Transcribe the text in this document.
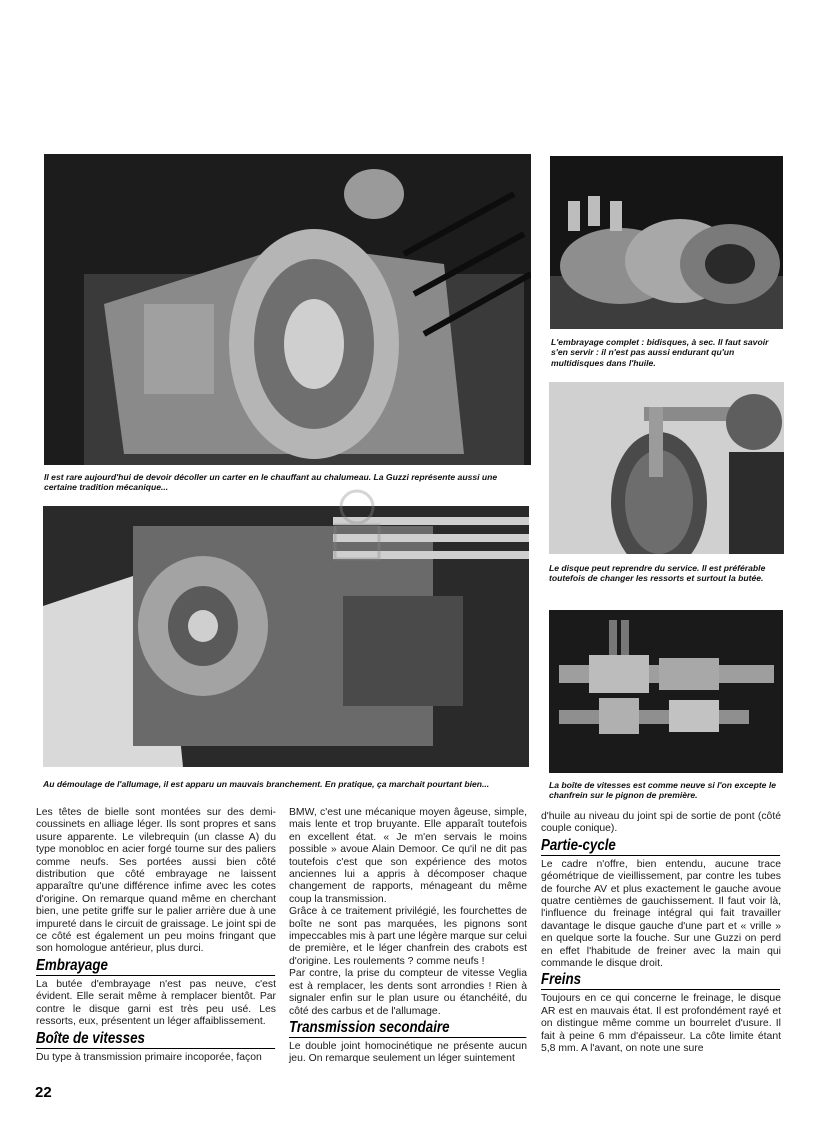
Il est rare aujourd'hui de devoir décoller un carter en le chauffant au chalumeau. La Guzzi représente aussi une certaine tradition mécanique...
L'embrayage complet : bidisques, à sec. Il faut savoir s'en servir : il n'est pas aussi endurant qu'un multidisques dans l'huile.
Le disque peut reprendre du service. Il est préférable toutefois de changer les ressorts et surtout la butée.
Au démoulage de l'allumage, il est apparu un mauvais branchement. En pratique, ça marchait pourtant bien...	La boîte de vitesses est comme neuve si l'on excepte le chanfrein sur le pignon de première.

Les têtes de bielle sont montées sur des demi-coussinets en alliage léger. Ils sont propres et sans usure apparente. Le vilebrequin (un classe A) du type monobloc en acier forgé tourne sur des paliers comme neufs. Ses portées aussi bien côté distribution que côté embrayage ne laissent apparaître qu'une différence infime avec les cotes d'origine. On remarque quand même en cherchant bien, une petite griffe sur le palier arrière due à une impureté dans le circuit de graissage. Le joint spi de ce côté est également un peu moins fringant que son homologue antérieur, plus durci.

Embrayage

La butée d'embrayage n'est pas neuve, c'est évident. Elle serait même à remplacer bientôt. Par contre le disque garni est très peu usé. Les ressorts, eux, présentent un léger affaiblissement.

Boîte de vitesses

Du type à transmission primaire incoporée, façon

BMW, c'est une mécanique moyen âgeuse, simple, mais lente et trop bruyante. Elle apparaît toutefois en excellent état. « Je m'en servais le moins possible » avoue Alain Demoor. Ce qu'il ne dit pas toutefois c'est que son expérience des motos anciennes lui a appris à décomposer chaque changement de rapports, ménageant du même coup la transmission.

Grâce à ce traitement privilégié, les fourchettes de boîte ne sont pas marquées, les pignons sont impeccables mis à part une légère marque sur celui de première, et le léger chanfrein des crabots est d'origine. Les roulements ? comme neufs !

Par contre, la prise du compteur de vitesse Veglia est à remplacer, les dents sont arrondies ! Rien à signaler enfin sur le plan usure ou étanchéité, du côté des carbus et de l'allumage.

Transmission secondaire

Le double joint homocinétique ne présente aucun jeu. On remarque seulement un léger suintement

d'huile au niveau du joint spi de sortie de pont (côté couple conique).

Partie-cycle

Le cadre n'offre, bien entendu, aucune trace géométrique de vieillissement, par contre les tubes de fourche AV et plus exactement le gauche avoue quatre centièmes de gauchissement. Il faut voir là, l'influence du freinage intégral qui fait travailler davantage le disque gauche d'une part et « vrille » en quelque sorte la fouche. Sur une Guzzi on perd en effet l'habitude de freiner avec la main qui commande le disque droit.

Freins

Toujours en ce qui concerne le freinage, le disque AR est en mauvais état. Il est profondément rayé et on distingue même comme un bourrelet d'usure. Il fait à peine 6 mm d'épaisseur. La côte limite étant 5,8 mm. A l'avant, on note une sure

22
